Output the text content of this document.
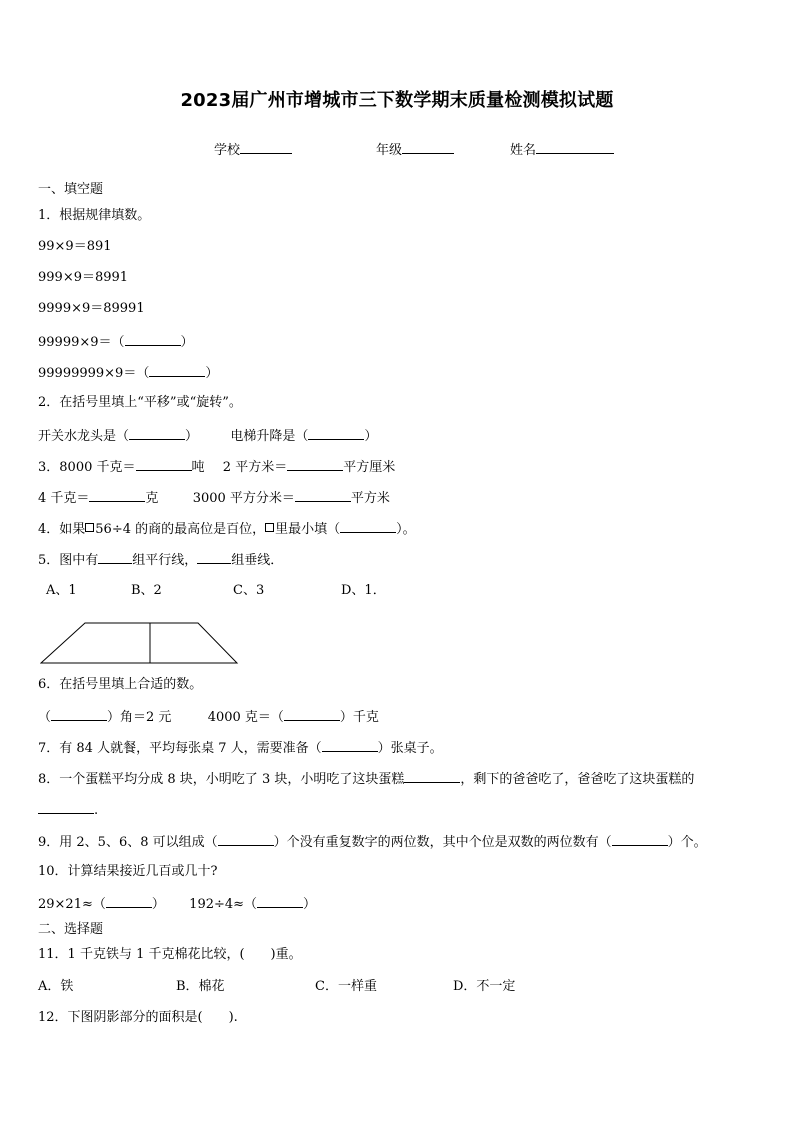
2023届广州市增城市三下数学期末质量检测模拟试题
学校	年级	姓名
一、填空题
1．根据规律填数。
99×9＝891
999×9＝8991
9999×9＝89991
99999×9＝（	）
99999999×9＝（	）
2．在括号里填上“平移”或“旋转”。
开关水龙头是（	） 电梯升降是（	）
3．8000 千克＝	吨 2 平方米＝	平方厘米
4 千克＝	克	3000 平方分米＝	平方米
4．如果 56÷4 的商的最高位是百位， 里最小填（	）。
5．图中有	组平行线，	组垂线．
A、1	B、2	C、3	D、1．
6．在括号里填上合适的数。
（	）角＝2 元	4000 克＝（	）千克
7．有 84 人就餐，平均每张桌 7 人，需要准备（	）张桌子。
8．一个蛋糕平均分成 8 块，小明吃了 3 块，小明吃了这块蛋糕	，剩下的爸爸吃了，爸爸吃了这块蛋糕的
.
9．用 2、5、6、8 可以组成（	）个没有重复数字的两位数，其中个位是双数的两位数有（	）个。
10．计算结果接近几百或几十?
29×21≈（	） 192÷4≈（	）
二、选择题
11．1 千克铁与 1 千克棉花比较，(　　)重。
A．铁	B．棉花	C．一样重	D．不一定
12．下图阴影部分的面积是(　　).
